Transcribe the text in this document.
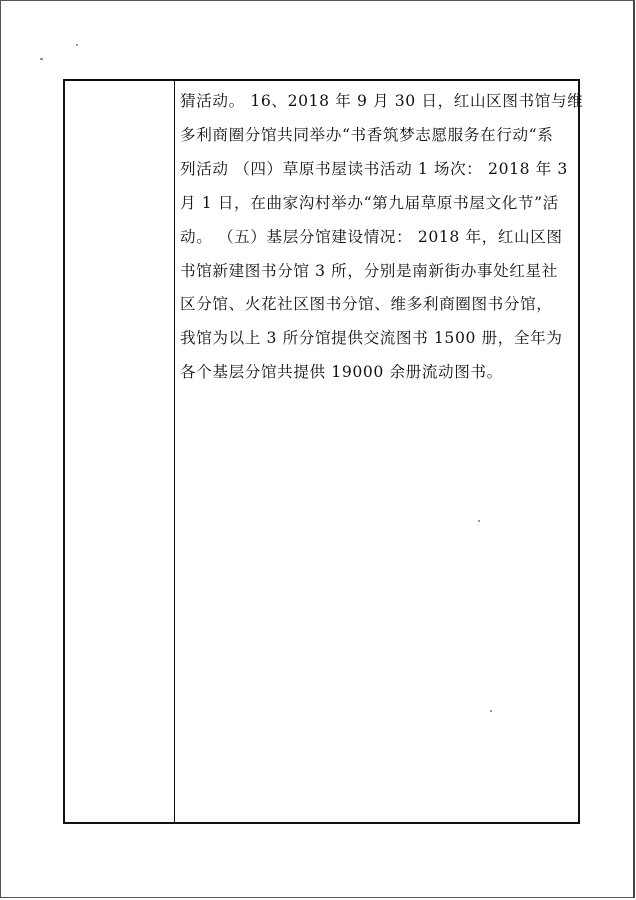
猜活动。 16、2018 年 9 月 30 日，红山区图书馆与维

多利商圈分馆共同举办“书香筑梦志愿服务在行动“系

列活动 （四）草原书屋读书活动 1 场次： 2018 年 3

月 1 日，在曲家沟村举办“第九届草原书屋文化节”活

动。 （五）基层分馆建设情况： 2018 年，红山区图

书馆新建图书分馆 3 所，分别是南新街办事处红星社

区分馆、火花社区图书分馆、维多利商圈图书分馆，

我馆为以上 3 所分馆提供交流图书 1500 册，全年为

各个基层分馆共提供 19000 余册流动图书。
